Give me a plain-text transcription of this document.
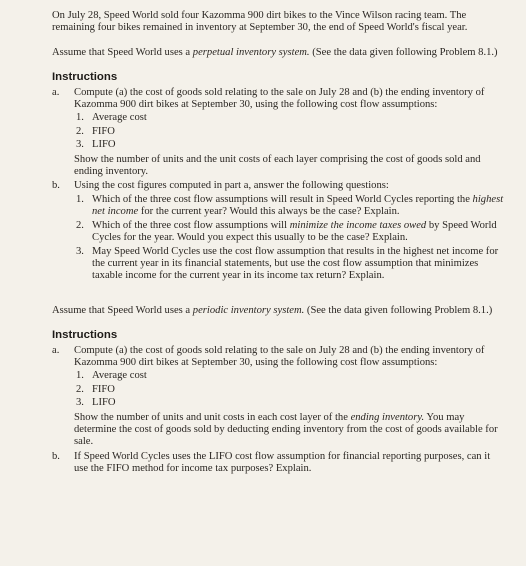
On July 28, Speed World sold four Kazomma 900 dirt bikes to the Vince Wilson racing team. The remaining four bikes remained in inventory at September 30, the end of Speed World's fiscal year.

Assume that Speed World uses a perpetual inventory system. (See the data given following Problem 8.1.)

Instructions
a. Compute (a) the cost of goods sold relating to the sale on July 28 and (b) the ending inventory of Kazomma 900 dirt bikes at September 30, using the following cost flow assumptions:

1. Average cost
2. FIFO
3. LIFO

Show the number of units and the unit costs of each layer comprising the cost of goods sold and ending inventory.

b. Using the cost figures computed in part a, answer the following questions:

1. Which of the three cost flow assumptions will result in Speed World Cycles reporting the highest net income for the current year? Would this always be the case? Explain.
2. Which of the three cost flow assumptions will minimize the income taxes owed by Speed World Cycles for the year. Would you expect this usually to be the case? Explain.
3. May Speed World Cycles use the cost flow assumption that results in the highest net income for the current year in its financial statements, but use the cost flow assumption that minimizes taxable income for the current year in its income tax return? Explain.

Assume that Speed World uses a periodic inventory system. (See the data given following Problem 8.1.)

Instructions
a. Compute (a) the cost of goods sold relating to the sale on July 28 and (b) the ending inventory of Kazomma 900 dirt bikes at September 30, using the following cost flow assumptions:

1. Average cost
2. FIFO
3. LIFO

Show the number of units and unit costs in each cost layer of the ending inventory. You may determine the cost of goods sold by deducting ending inventory from the cost of goods available for sale.

b. If Speed World Cycles uses the LIFO cost flow assumption for financial reporting purposes, can it use the FIFO method for income tax purposes? Explain.
